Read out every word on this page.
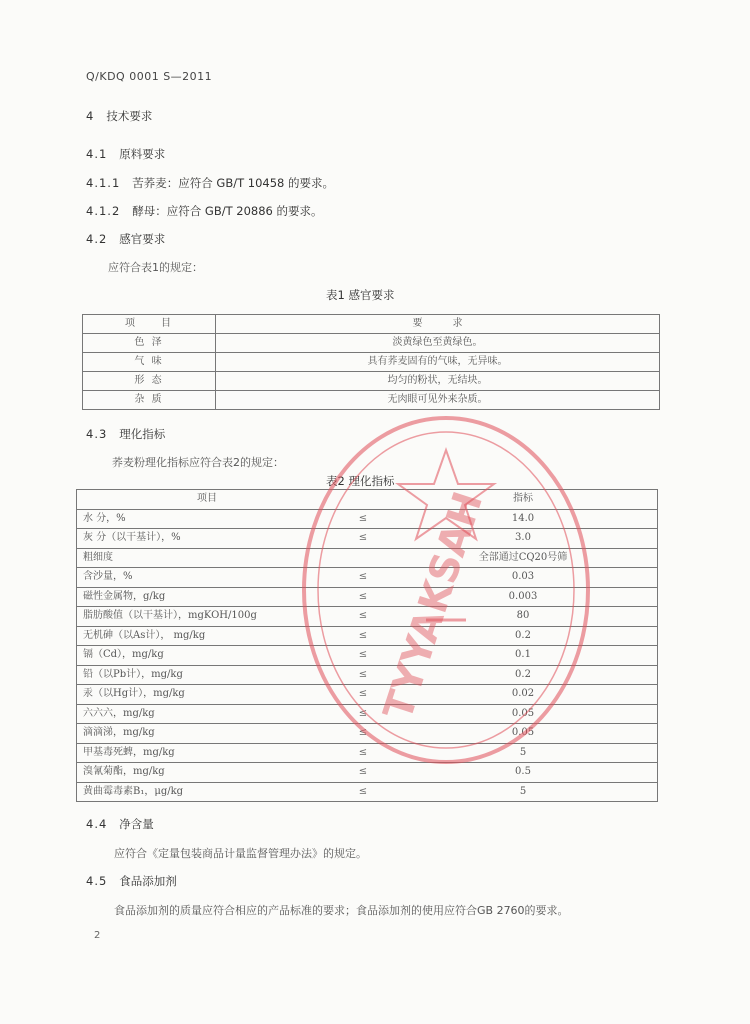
Q/KDQ 0001 S—2011
4 技术要求
4.1 原料要求
4.1.1 苦荞麦：应符合 GB/T 10458 的要求。
4.1.2 酵母：应符合 GB/T 20886 的要求。
4.2 感官要求
应符合表1的规定：
表1 感官要求
项　　目	要　　　求
色 泽	淡黄绿色至黄绿色。
气 味	具有荞麦固有的气味，无异味。
形 态	均匀的粉状，无结块。
杂 质	无肉眼可见外来杂质。
4.3 理化指标
荞麦粉理化指标应符合表2的规定：
表2 理化指标
项目		指标
水 分，%	≤	14.0
灰 分（以干基计），%	≤	3.0
粗细度		全部通过CQ20号筛
含沙量，%	≤	0.03
磁性金属物，g/kg	≤	0.003
脂肪酸值（以干基计），mgKOH/100g	≤	80
无机砷（以As计）， mg/kg	≤	0.2
镉（Cd），mg/kg	≤	0.1
铅（以Pb计），mg/kg	≤	0.2
汞（以Hg计），mg/kg	≤	0.02
六六六，mg/kg	≤	0.05
滴滴涕，mg/kg	≤	0.05
甲基毒死蜱，mg/kg	≤	5
溴氰菊酯，mg/kg	≤	0.5
黄曲霉毒素B₁，μg/kg	≤	5
4.4 净含量
应符合《定量包装商品计量监督管理办法》的规定。
4.5 食品添加剂
食品添加剂的质量应符合相应的产品标准的要求；食品添加剂的使用应符合GB 2760的要求。
2
TYYAKSAH
